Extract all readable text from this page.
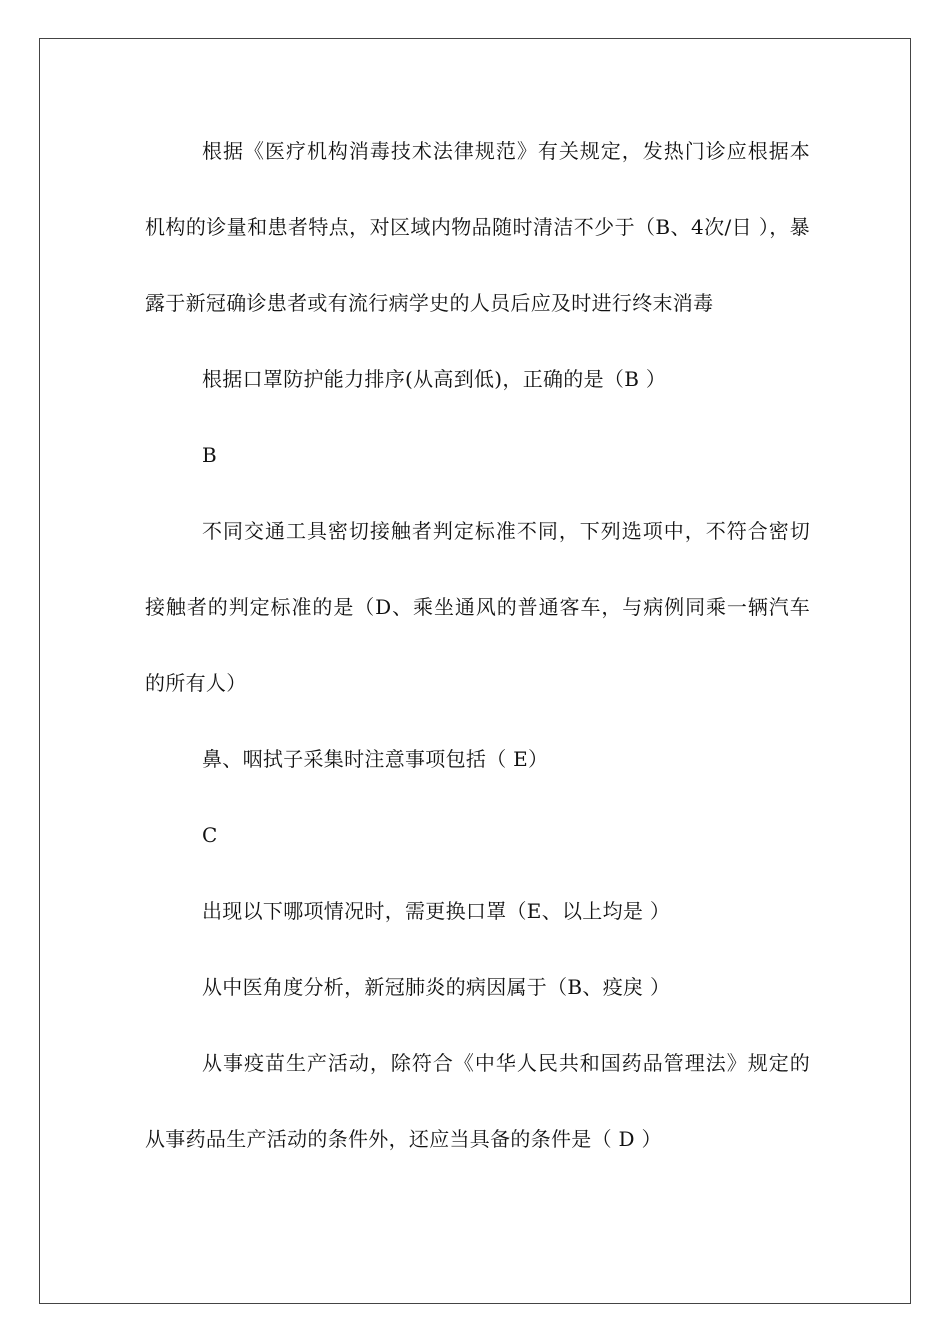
根据《医疗机构消毒技术法律规范》有关规定，发热门诊应根据本机构的诊量和患者特点，对区域内物品随时清洁不少于（B、4次/日 ），暴露于新冠确诊患者或有流行病学史的人员后应及时进行终末消毒

根据口罩防护能力排序(从高到低)，正确的是（B ）

B

不同交通工具密切接触者判定标准不同，下列选项中，不符合密切接触者的判定标准的是（D、乘坐通风的普通客车，与病例同乘一辆汽车的所有人）

鼻、咽拭子采集时注意事项包括（ E）

C

出现以下哪项情况时，需更换口罩（E、以上均是 ）

从中医角度分析，新冠肺炎的病因属于（B、疫戾 ）

从事疫苗生产活动，除符合《中华人民共和国药品管理法》规定的从事药品生产活动的条件外，还应当具备的条件是（ D ）
